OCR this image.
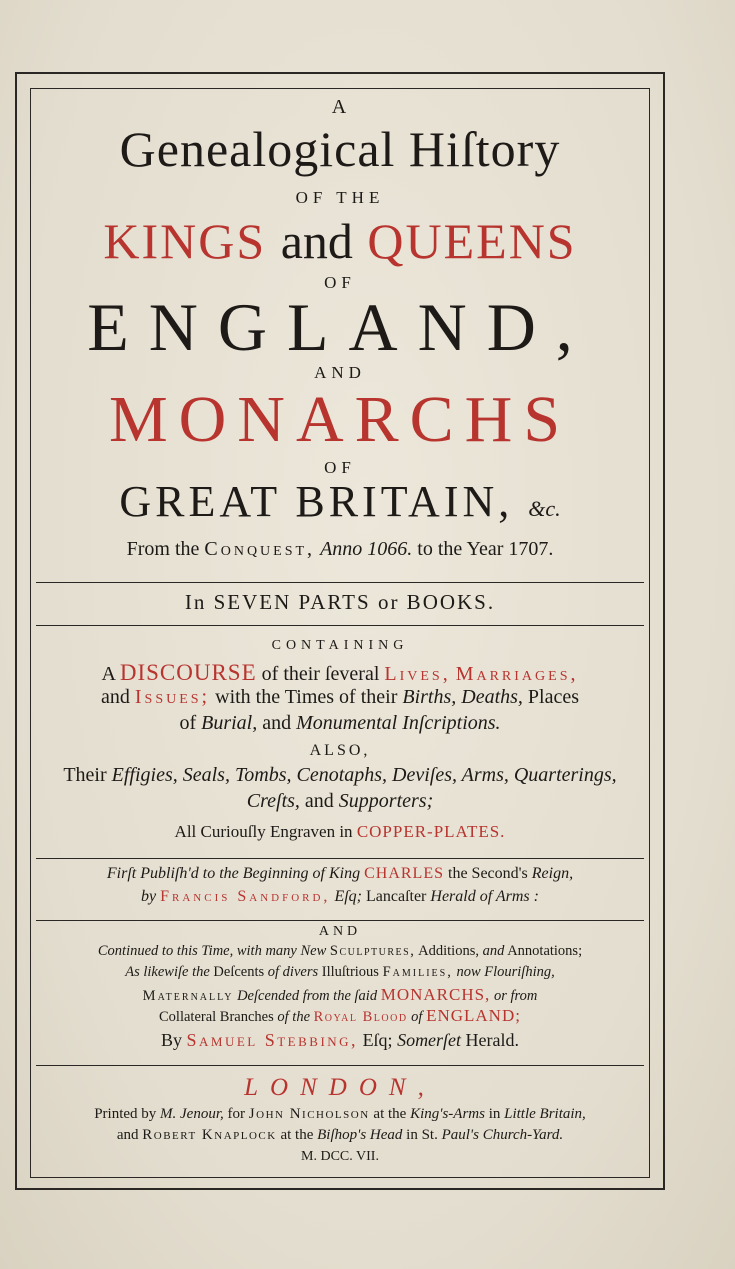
A
Genealogical Hiſtory
OF THE
KINGS and QUEENS
OF
ENGLAND,
AND
MONARCHS
OF
GREAT BRITAIN, &c.
From the Conqueſt, Anno 1066. to the Year 1707.
In SEVEN PARTS or BOOKS.
CONTAINING
A DISCOURSE of their ſeveral Lives, Marriages,
and Issues; with the Times of their Births, Deaths, Places
of Burial, and Monumental Inſcriptions.
ALSO,
Their Effigies, Seals, Tombs, Cenotaphs, Deviſes, Arms, Quarterings,
Creſts, and Supporters;
All Curiouſly Engraven in COPPER-PLATES.
Firſt Publiſh'd to the Beginning of King CHARLES the Second's Reign,
by Francis Sandford, Eſq; Lancaſter Herald of Arms :
AND
Continued to this Time, with many New Sculptures, Additions, and Annotations;
As likewiſe the Deſcents of divers Illuſtrious Families, now Flouriſhing,
Maternally Deſcended from the ſaid MONARCHS, or from
Collateral Branches of the Royal Blood of ENGLAND;
By Samuel Stebbing, Eſq; Somerſet Herald.
LONDON,
Printed by M. Jenour, for John Nicholson at the King's-Arms in Little Britain,
and Robert Knaplock at the Biſhop's Head in St. Paul's Church-Yard.
M. DCC. VII.
